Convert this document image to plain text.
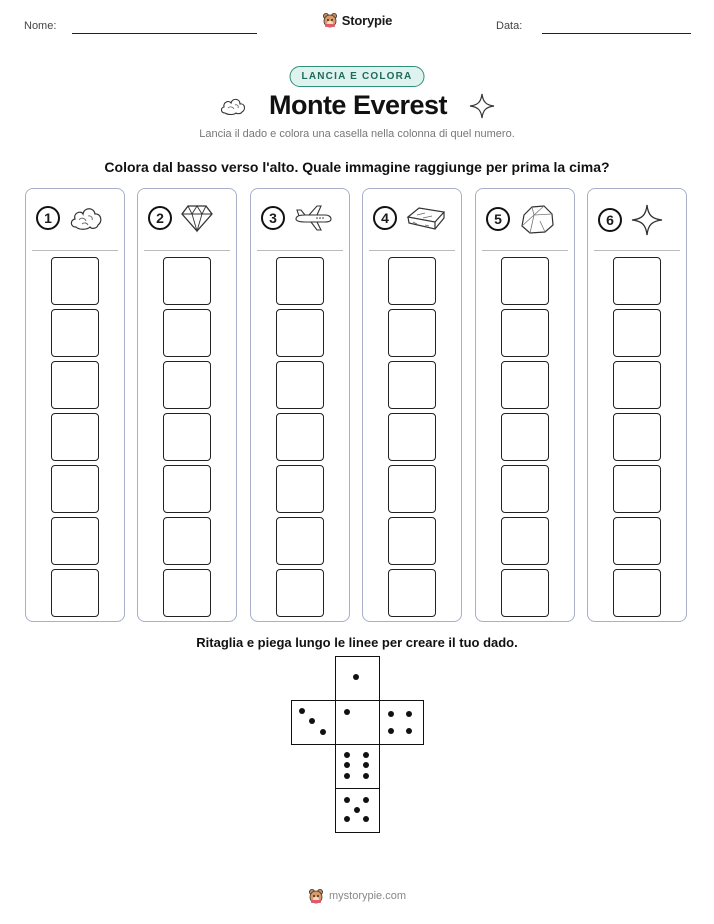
Nome:	Storypie	Data:
LANCIA E COLORA
Monte Everest
Lancia il dado e colora una casella nella colonna di quel numero.
Colora dal basso verso l'alto. Quale immagine raggiunge per prima la cima?
1	2	3	4	5	6
Ritaglia e piega lungo le linee per creare il tuo dado.
mystorypie.com
